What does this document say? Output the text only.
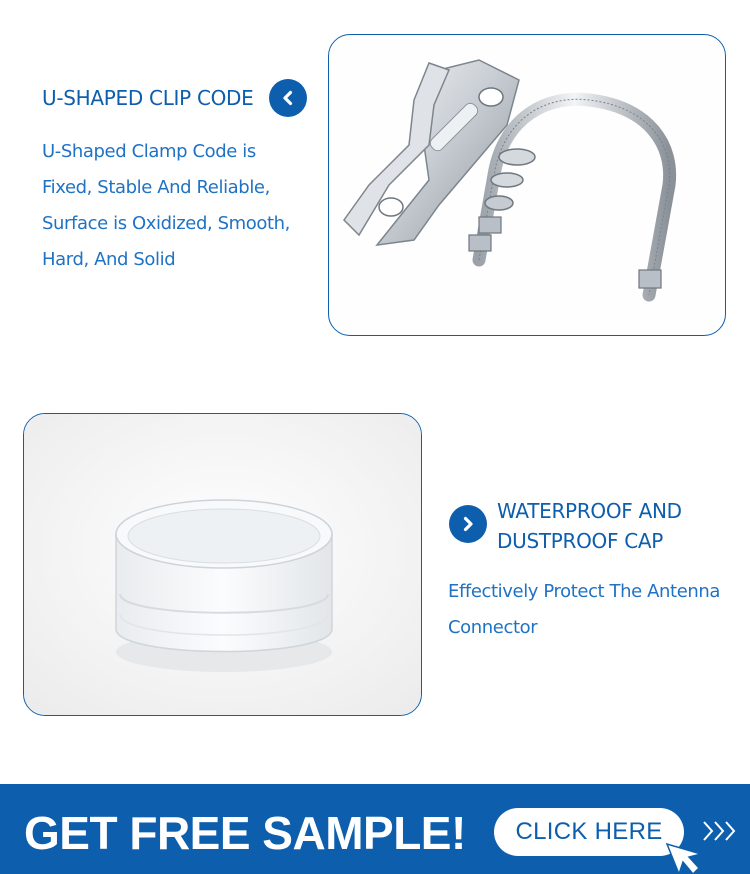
U-SHAPED CLIP CODE
U-Shaped Clamp Code is Fixed, Stable And Reliable, Surface is Oxidized, Smooth, Hard, And Solid
WATERPROOF AND DUSTPROOF CAP
Effectively Protect The Antenna Connector
GET FREE SAMPLE!	CLICK HERE
